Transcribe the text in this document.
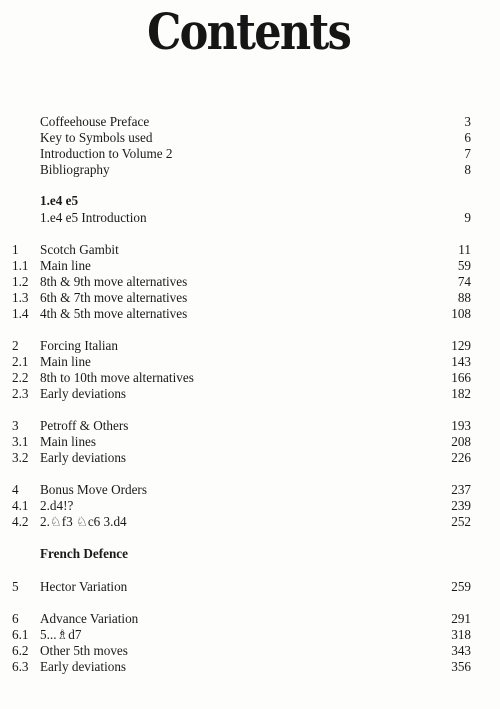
Contents
Coffeehouse Preface	3
Key to Symbols used	6
Introduction to Volume 2	7
Bibliography	8
1.e4 e5
1.e4 e5 Introduction	9
1 Scotch Gambit	11
1.1 Main line	59
1.2 8th & 9th move alternatives	74
1.3 6th & 7th move alternatives	88
1.4 4th & 5th move alternatives	108
2 Forcing Italian	129
2.1 Main line	143
2.2 8th to 10th move alternatives	166
2.3 Early deviations	182
3 Petroff & Others	193
3.1 Main lines	208
3.2 Early deviations	226
4 Bonus Move Orders	237
4.1 2.d4!?	239
4.2 2.♘f3 ♘c6 3.d4	252
French Defence
5 Hector Variation	259
6 Advance Variation	291
6.1 5...♗d7	318
6.2 Other 5th moves	343
6.3 Early deviations	356
